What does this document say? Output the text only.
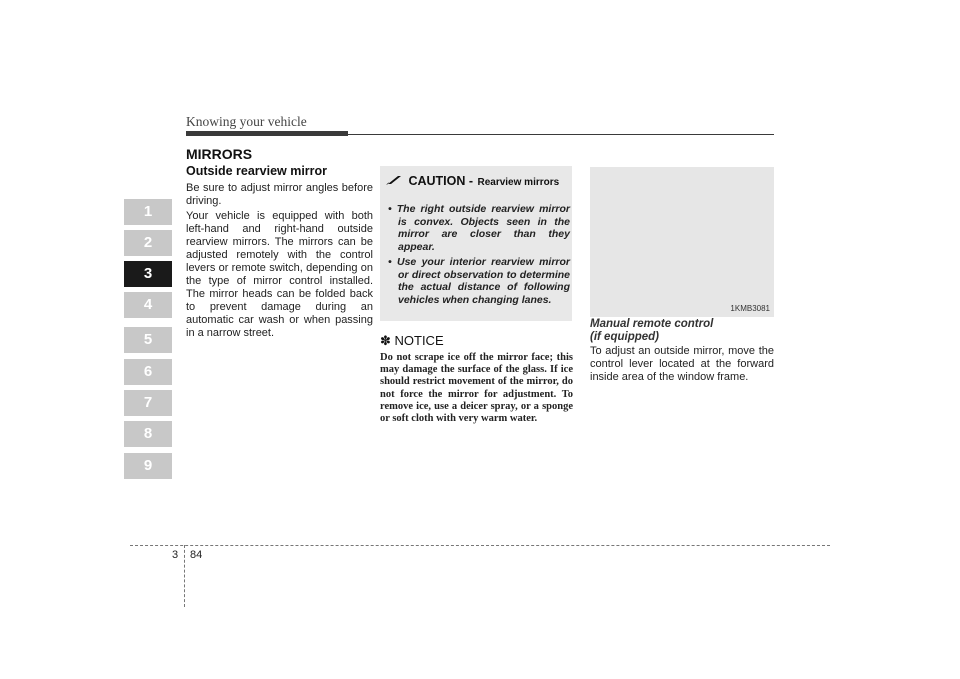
Knowing your vehicle
MIRRORS
1
2
3
4
5
6
7
8
9
Outside rearview mirror

Be sure to adjust mirror angles before driving.

Your vehicle is equipped with both left-hand and right-hand outside rearview mirrors. The mirrors can be adjusted remotely with the control levers or remote switch, depending on the type of mirror control installed. The mirror heads can be folded back to prevent damage during an automatic car wash or when passing in a narrow street.

CAUTION - Rearview mirrors
• The right outside rearview mirror is convex. Objects seen in the mirror are closer than they appear.
• Use your interior rearview mirror or direct observation to determine the actual distance of following vehicles when changing lanes.
✽ NOTICE
Do not scrape ice off the mirror face; this may damage the surface of the glass. If ice should restrict movement of the mirror, do not force the mirror for adjustment. To remove ice, use a deicer spray, or a sponge or soft cloth with very warm water.
1KMB3081
Manual remote control
(if equipped)
To adjust an outside mirror, move the control lever located at the forward inside area of the window frame.
3 84
